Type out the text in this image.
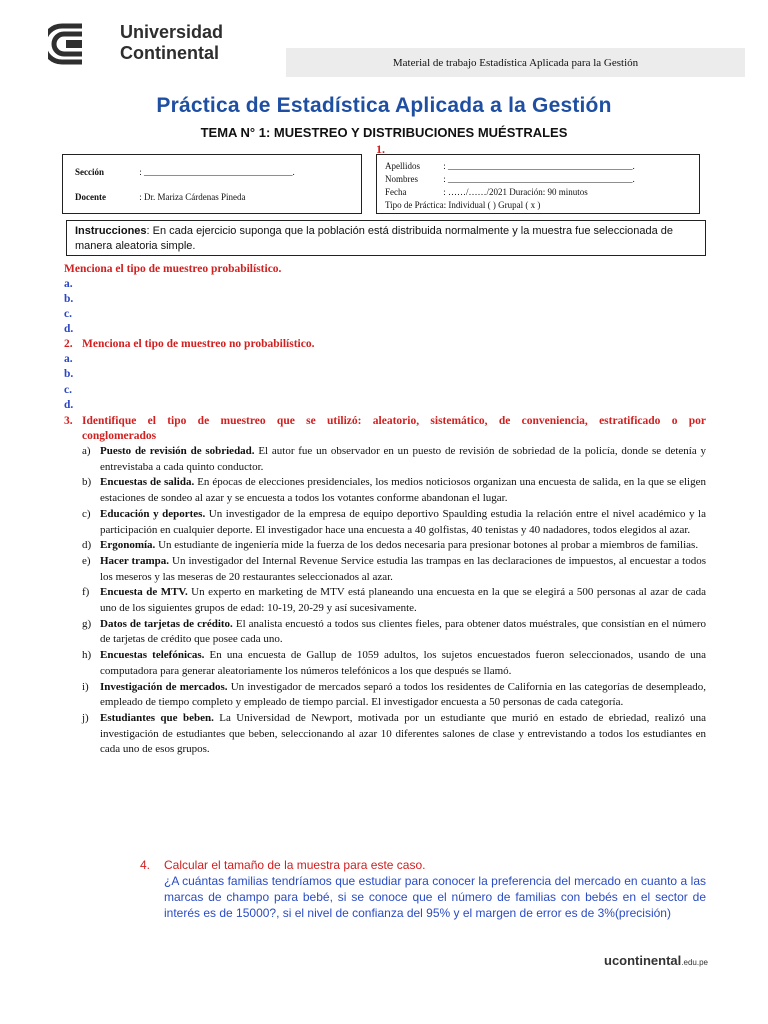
Universidad
Continental	Material de trabajo Estadística Aplicada para la Gestión
Práctica de Estadística Aplicada a la Gestión
TEMA N° 1: MUESTREO Y DISTRIBUCIONES MUÉSTRALES
1.
Sección	: _________________________________.
Docente	: Dr. Mariza Cárdenas Pineda
Apellidos	: _________________________________________.
Nombres	: _________________________________________.
Fecha	: ……/……/2021 Duración: 90 minutos
Tipo de Práctica: Individual ( ) Grupal ( x )
Instrucciones: En cada ejercicio suponga que la población está distribuida normalmente y la muestra fue seleccionada de manera aleatoria simple.
Menciona el tipo de muestreo probabilístico.
a.
b.
c.
d.
2. Menciona el tipo de muestreo no probabilístico.
a.
b.
c.
d.
3. Identifique el tipo de muestreo que se utilizó: aleatorio, sistemático, de conveniencia, estratificado o por
conglomerados
a) Puesto de revisión de sobriedad. El autor fue un observador en un puesto de revisión de sobriedad de la policía, donde se detenía y entrevistaba a cada quinto conductor.
b) Encuestas de salida. En épocas de elecciones presidenciales, los medios noticiosos organizan una encuesta de salida, en la que se eligen estaciones de sondeo al azar y se encuesta a todos los votantes conforme abandonan el lugar.
c) Educación y deportes. Un investigador de la empresa de equipo deportivo Spaulding estudia la relación entre el nivel académico y la participación en cualquier deporte. El investigador hace una encuesta a 40 golfistas, 40 tenistas y 40 nadadores, todos elegidos al azar.
d) Ergonomía. Un estudiante de ingeniería mide la fuerza de los dedos necesaria para presionar botones al probar a miembros de familias.
e) Hacer trampa. Un investigador del Internal Revenue Service estudia las trampas en las declaraciones de impuestos, al encuestar a todos los meseros y las meseras de 20 restaurantes seleccionados al azar.
f) Encuesta de MTV. Un experto en marketing de MTV está planeando una encuesta en la que se elegirá a 500 personas al azar de cada uno de los siguientes grupos de edad: 10-19, 20-29 y así sucesivamente.
g) Datos de tarjetas de crédito. El analista encuestó a todos sus clientes fieles, para obtener datos muéstrales, que consistían en el número de tarjetas de crédito que posee cada uno.
h) Encuestas telefónicas. En una encuesta de Gallup de 1059 adultos, los sujetos encuestados fueron seleccionados, usando de una computadora para generar aleatoriamente los números telefónicos a los que después se llamó.
i)	Investigación de mercados. Un investigador de mercados separó a todos los residentes de California en las categorías de desempleado, empleado de tiempo completo y empleado de tiempo parcial. El investigador encuesta a 50 personas de cada categoría.
j)	Estudiantes que beben. La Universidad de Newport, motivada por un estudiante que murió en estado de ebriedad, realizó una investigación de estudiantes que beben, seleccionando al azar 10 diferentes salones de clase y entrevistando a todos los estudiantes en cada uno de esos grupos.
4.	Calcular el tamaño de la muestra para este caso.
¿A cuántas familias tendríamos que estudiar para conocer la preferencia del mercado en cuanto a las marcas de champo para bebé, si se conoce que el número de familias con bebés en el sector de interés es de 15000?, si el nivel de confianza del 95% y el margen de error es de 3%(precisión)
ucontinental.edu.pe
